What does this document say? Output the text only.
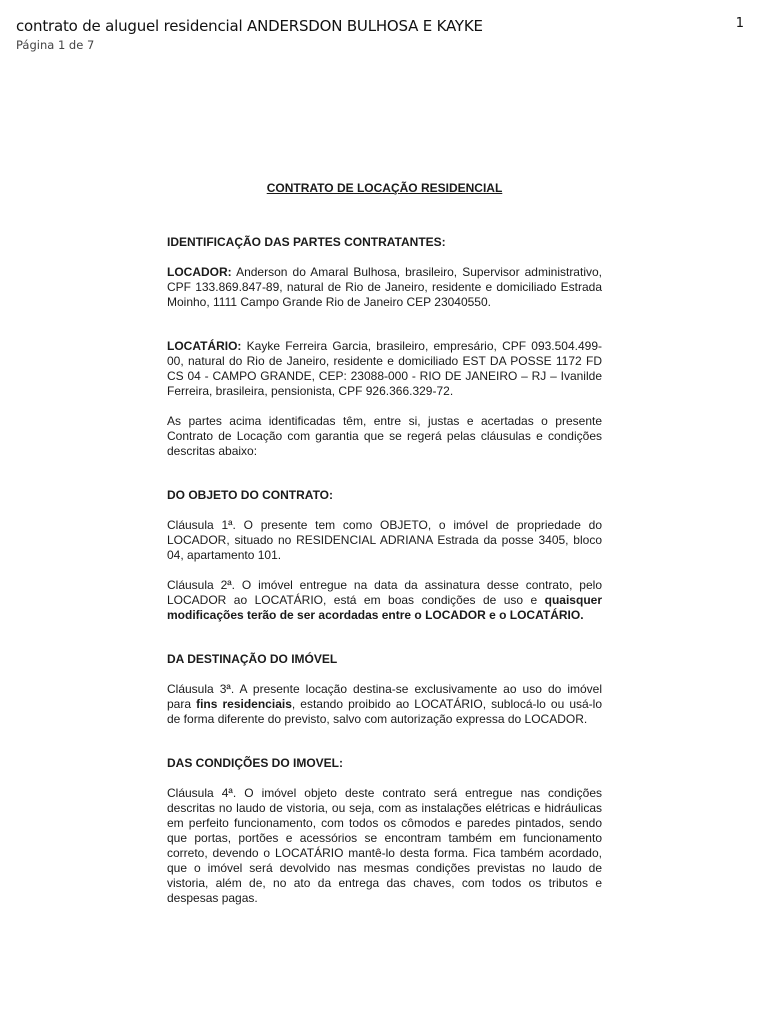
contrato de aluguel residencial ANDERSDON BULHOSA E KAYKE
Página 1 de 7
1

CONTRATO DE LOCAÇÃO RESIDENCIAL

IDENTIFICAÇÃO DAS PARTES CONTRATANTES:

LOCADOR: Anderson do Amaral Bulhosa, brasileiro, Supervisor administrativo, CPF 133.869.847-89, natural de Rio de Janeiro, residente e domiciliado Estrada Moinho, 1111 Campo Grande Rio de Janeiro CEP 23040550.

LOCATÁRIO: Kayke Ferreira Garcia, brasileiro, empresário, CPF 093.504.499-00, natural do Rio de Janeiro, residente e domiciliado EST DA POSSE 1172 FD CS 04 - CAMPO GRANDE, CEP: 23088-000 - RIO DE JANEIRO – RJ – Ivanilde Ferreira, brasileira, pensionista, CPF 926.366.329-72.

As partes acima identificadas têm, entre si, justas e acertadas o presente Contrato de Locação com garantia que se regerá pelas cláusulas e condições descritas abaixo:

DO OBJETO DO CONTRATO:

Cláusula 1ª. O presente tem como OBJETO, o imóvel de propriedade do LOCADOR, situado no RESIDENCIAL ADRIANA Estrada da posse 3405, bloco 04, apartamento 101.

Cláusula 2ª. O imóvel entregue na data da assinatura desse contrato, pelo LOCADOR ao LOCATÁRIO, está em boas condições de uso e quaisquer modificações terão de ser acordadas entre o LOCADOR e o LOCATÁRIO.

DA DESTINAÇÃO DO IMÓVEL

Cláusula 3ª. A presente locação destina-se exclusivamente ao uso do imóvel para fins residenciais, estando proibido ao LOCATÁRIO, sublocá-lo ou usá-lo de forma diferente do previsto, salvo com autorização expressa do LOCADOR.

DAS CONDIÇÕES DO IMOVEL:

Cláusula 4ª. O imóvel objeto deste contrato será entregue nas condições descritas no laudo de vistoria, ou seja, com as instalações elétricas e hidráulicas em perfeito funcionamento, com todos os cômodos e paredes pintados, sendo que portas, portões e acessórios se encontram também em funcionamento correto, devendo o LOCATÁRIO mantê-lo desta forma. Fica também acordado, que o imóvel será devolvido nas mesmas condições previstas no laudo de vistoria, além de, no ato da entrega das chaves, com todos os tributos e despesas pagas.
